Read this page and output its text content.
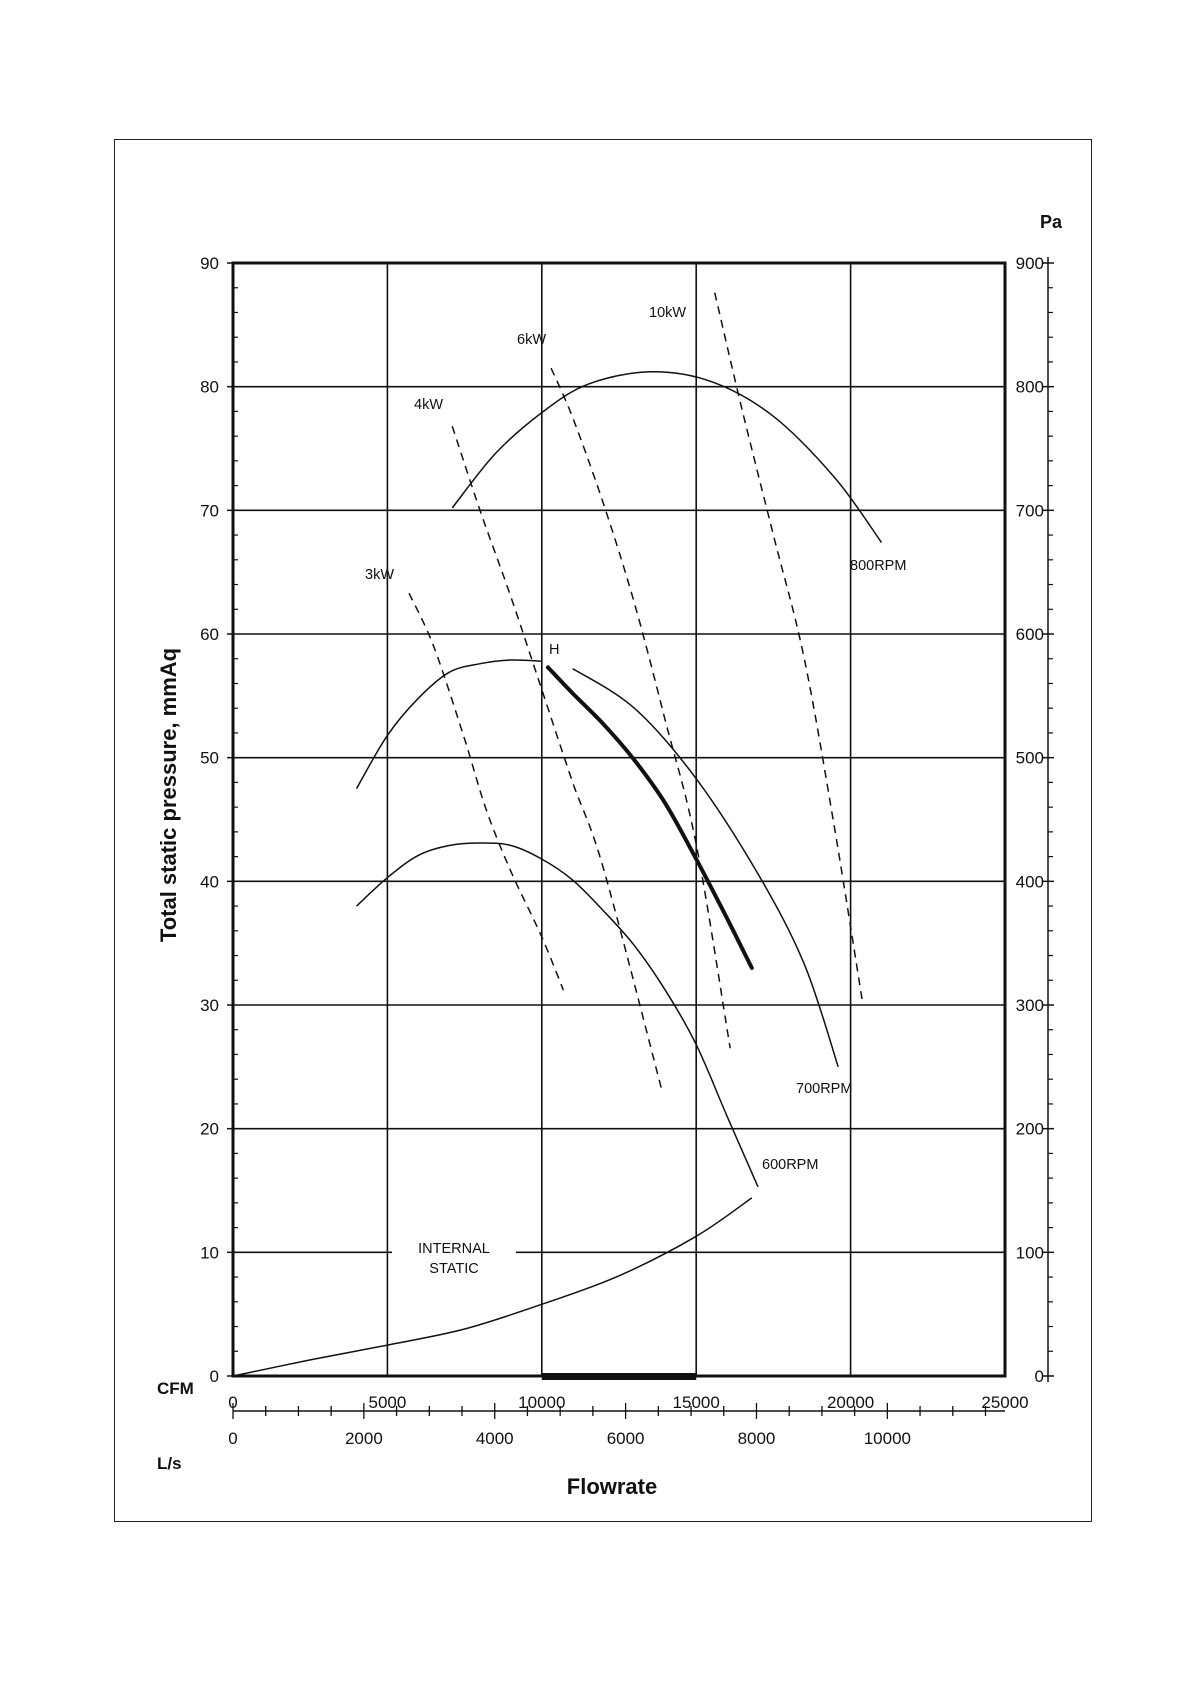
0
10
20
30
40
50
60
70
80
90
0
100
200
300
400
500
600
700
800
900
0	5000	10000	15000	20000	25000
0	2000	4000	6000	8000	10000
800RPM
700RPM
600RPM
H
3kW
4kW
6kW
10kW
INTERNAL
STATIC
Flowrate
Total static pressure, mmAq
Pa
CFM
L/s
